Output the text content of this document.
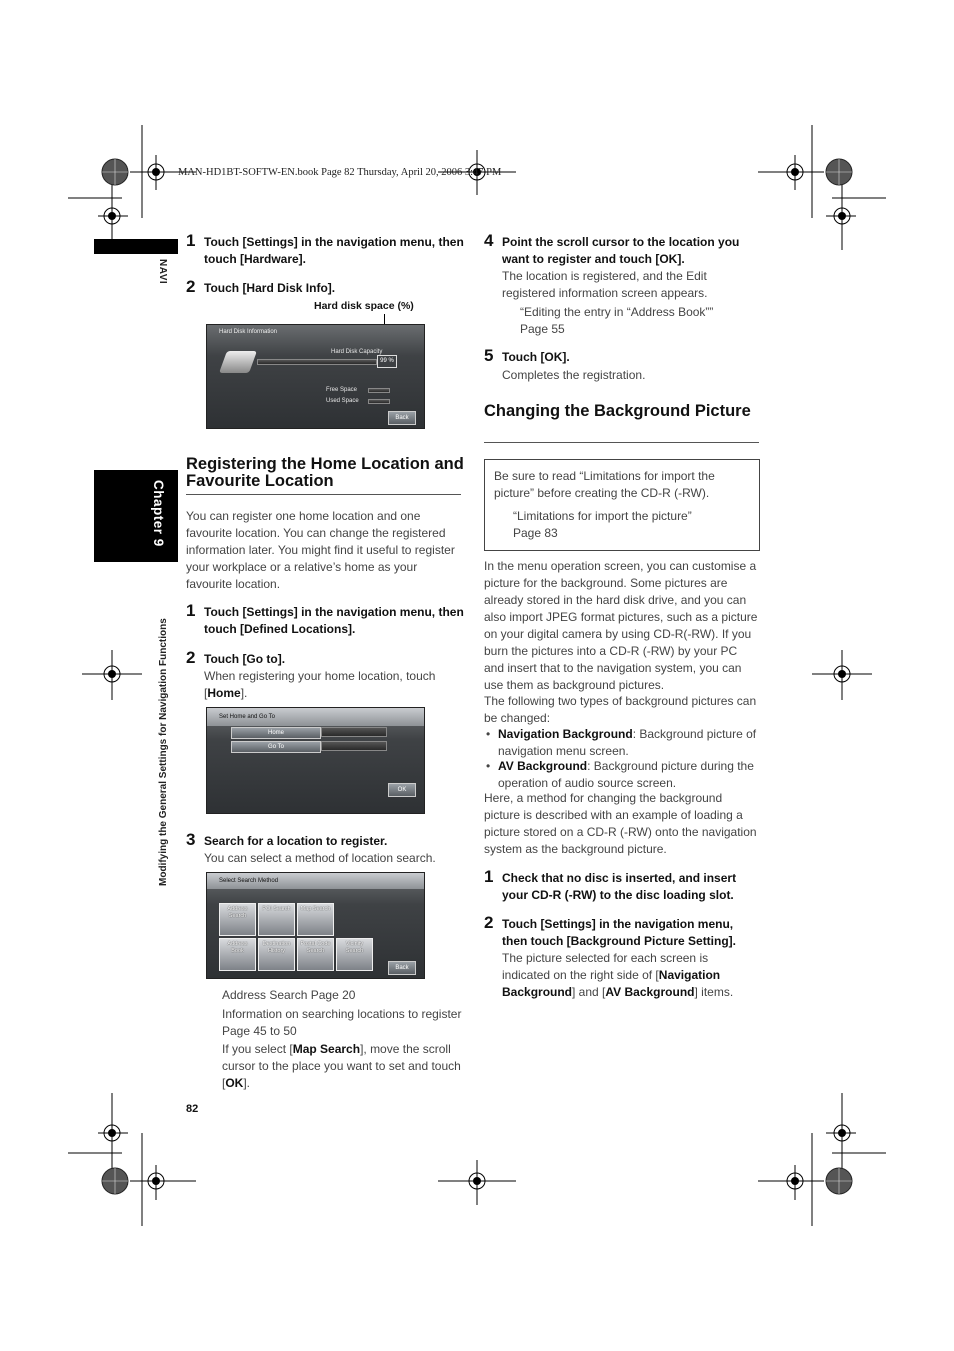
MAN-HD1BT-SOFTW-EN.book Page 82 Thursday, April 20, 2006 3:47 PM
NAVI
Chapter 9
Modifying the General Settings for Navigation Functions
1 Touch [Settings] in the navigation menu, then touch [Hardware].
2 Touch [Hard Disk Info].
Hard disk space (%)
Hard Disk Information
Hard Disk Capacity
99 %
Free Space
Used Space
Back
Registering the Home Location and Favourite Location
You can register one home location and one favourite location. You can change the registered information later. You might find it useful to register your workplace or a relative’s home as your favourite location.
1 Touch [Settings] in the navigation menu, then touch [Defined Locations].
2 Touch [Go to].
When registering your home location, touch [Home].
Set Home and Go To
Home
Go To
OK
3 Search for a location to register.
You can select a method of location search.
Select Search Method
Address Search
POI Search Map Search
Address Book
Destination History
Postal Code Search
Vicinity Search
Back
Address Search Page 20
Information on searching locations to register Page 45 to 50
If you select [Map Search], move the scroll cursor to the place you want to set and touch [OK].
82
4 Point the scroll cursor to the location you want to register and touch [OK].
The location is registered, and the Edit registered information screen appears.
“Editing the entry in “Address Book””
Page 55
5 Touch [OK].
Completes the registration.
Changing the Background Picture
Be sure to read “Limitations for import the picture” before creating the CD-R (-RW).
“Limitations for import the picture”
Page 83
In the menu operation screen, you can customise a picture for the background. Some pictures are already stored in the hard disk drive, and you can also import JPEG format pictures, such as a picture on your digital camera by using CD-R(-RW). If you burn the pictures into a CD-R (-RW) by your PC and insert that to the navigation system, you can use them as background pictures.
The following two types of background pictures can be changed:
• Navigation Background: Background picture of navigation menu screen.
• AV Background: Background picture during the operation of audio source screen.
Here, a method for changing the background picture is described with an example of loading a picture stored on a CD-R (-RW) onto the navigation system as the background picture.
1 Check that no disc is inserted, and insert your CD-R (-RW) to the disc loading slot.
2 Touch [Settings] in the navigation menu, then touch [Background Picture Setting].
The picture selected for each screen is indicated on the right side of [Navigation Background] and [AV Background] items.
